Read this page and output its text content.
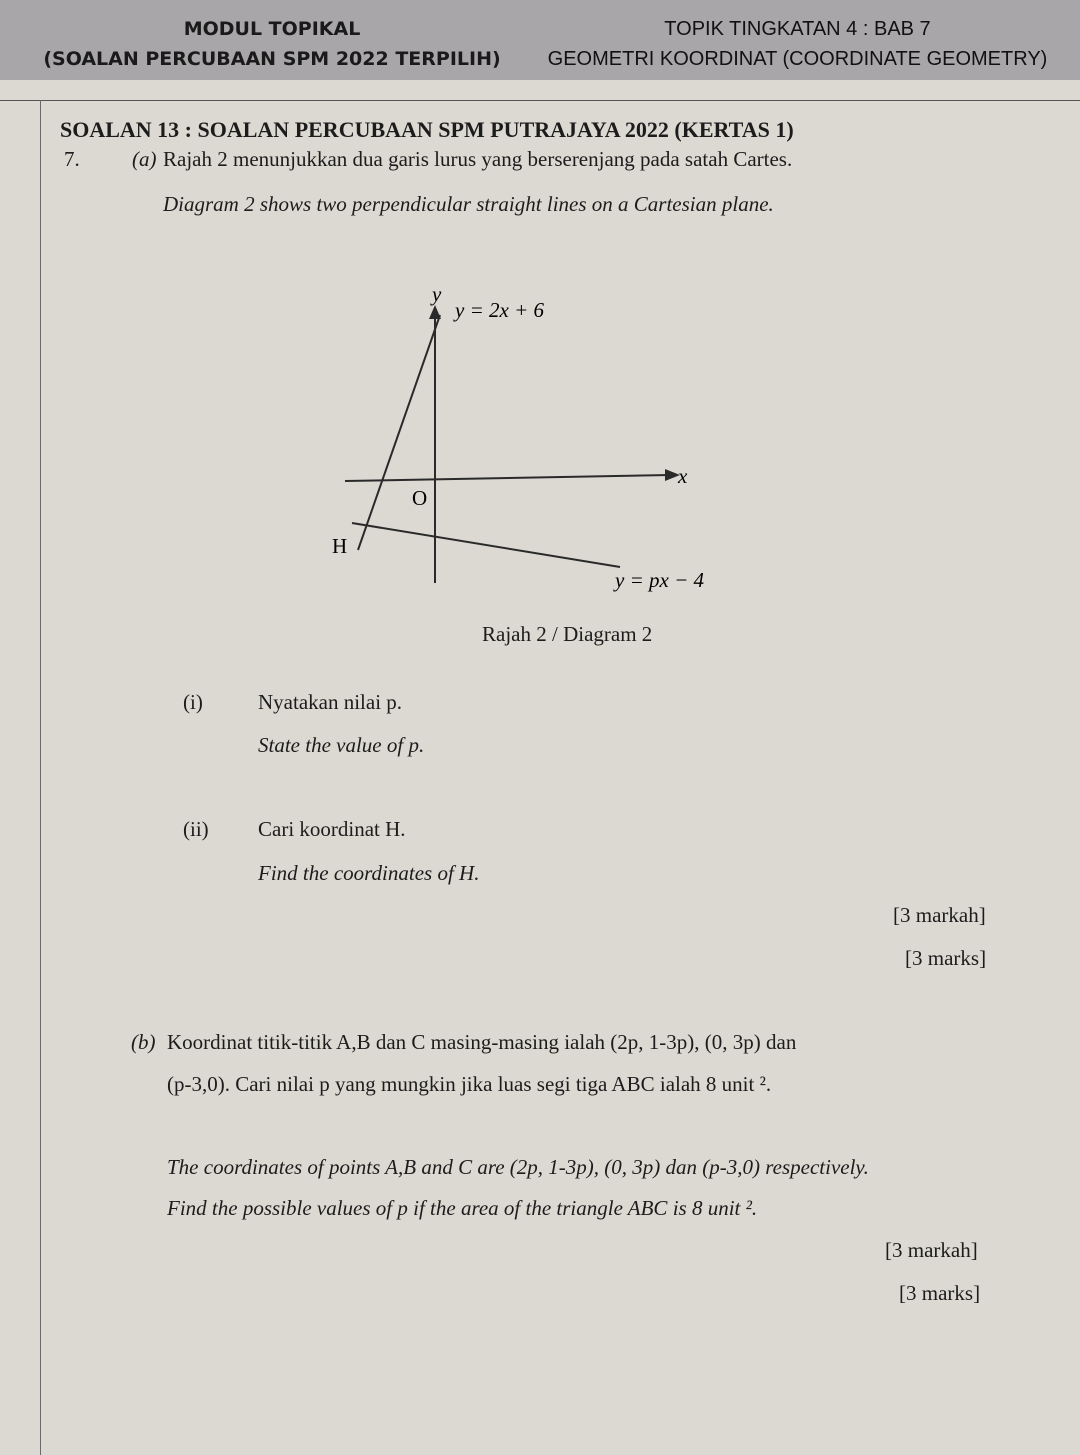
MODUL TOPIKAL
(SOALAN PERCUBAAN SPM 2022 TERPILIH)
TOPIK TINGKATAN 4 : BAB 7
GEOMETRI KOORDINAT (COORDINATE GEOMETRY)
SOALAN 13 : SOALAN PERCUBAAN SPM PUTRAJAYA 2022 (KERTAS 1)
7. (a) Rajah 2 menunjukkan dua garis lurus yang berserenjang pada satah Cartes.
Diagram 2 shows two perpendicular straight lines on a Cartesian plane.
y
x
O
H
y = 2x + 6
y = px − 4
Rajah 2 / Diagram 2
(i)	Nyatakan nilai p.
State the value of p.
(ii) Cari koordinat H.
Find the coordinates of H.
[3 markah]
[3 marks]
(b) Koordinat titik-titik A,B dan C masing-masing ialah (2p, 1-3p), (0, 3p) dan
(p-3,0). Cari nilai p yang mungkin jika luas segi tiga ABC ialah 8 unit ².
The coordinates of points A,B and C are (2p, 1-3p), (0, 3p) dan (p-3,0) respectively.
Find the possible values of p if the area of the triangle ABC is 8 unit ².
[3 markah]
[3 marks]
